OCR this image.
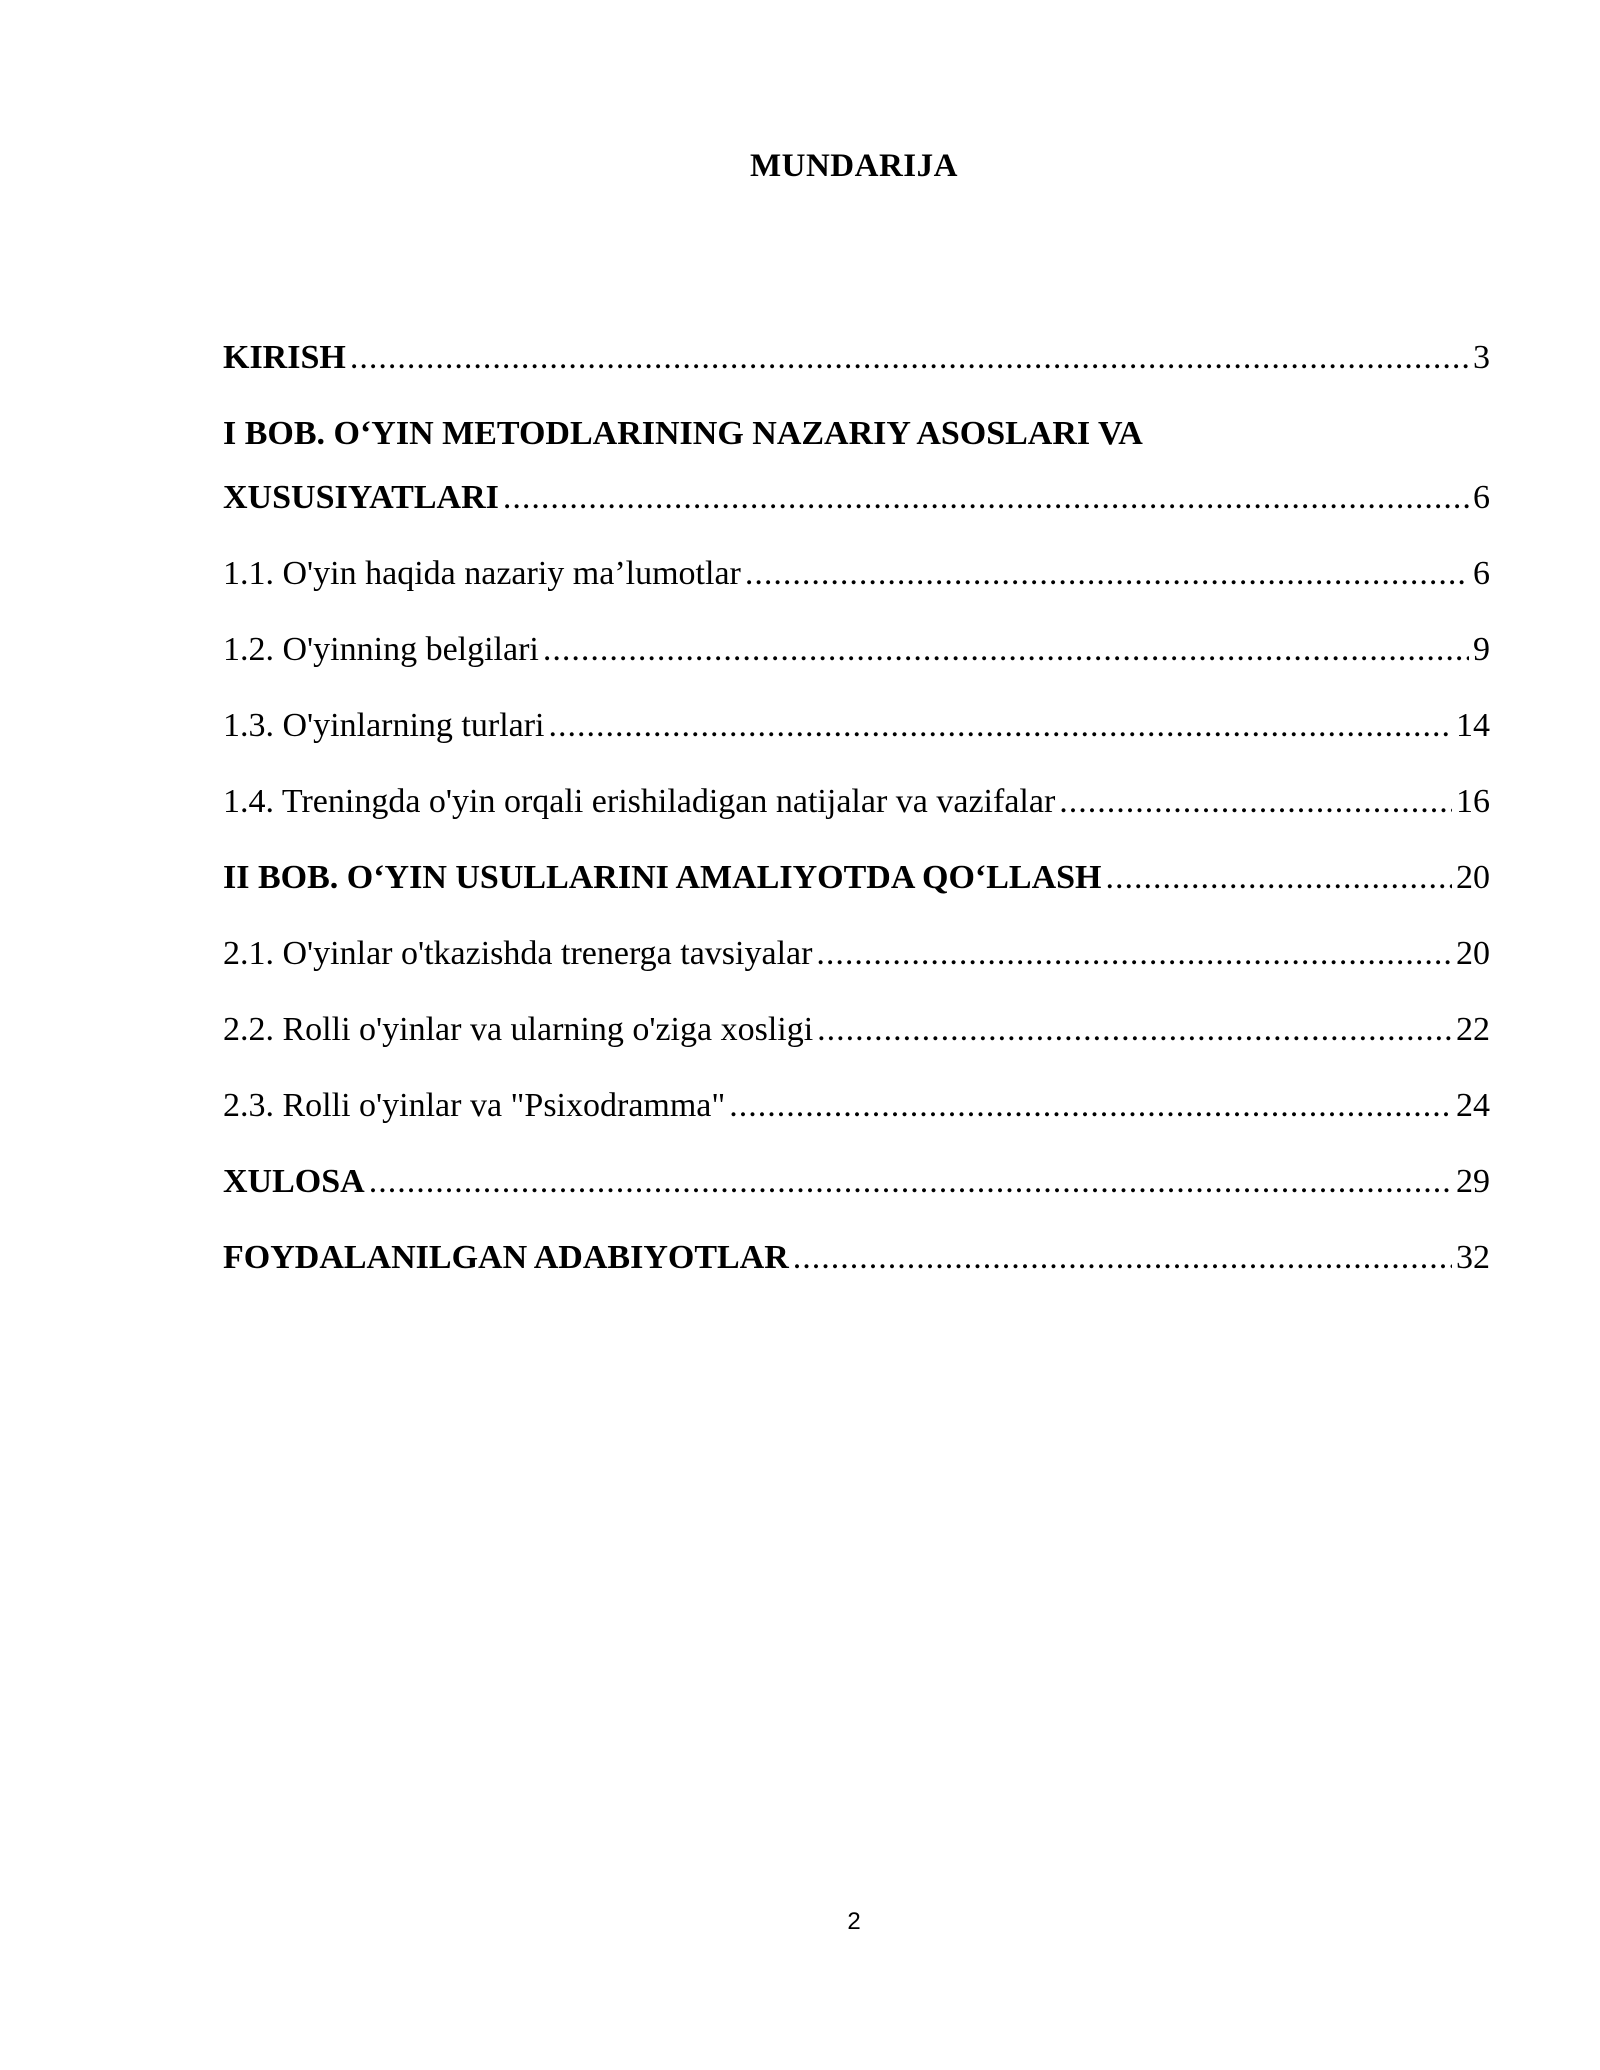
MUNDARIJA
KIRISH .....	3
I BOB. O‘YIN METODLARINING NAZARIY ASOSLARI VA
XUSUSIYATLARI .....	6
1.1. O'yin haqida nazariy ma’lumotlar .....	6
1.2. O'yinning belgilari .....	9
1.3. O'yinlarning turlari .....	14
1.4. Treningda o'yin orqali erishiladigan natijalar va vazifalar .....	16
II BOB. O‘YIN USULLARINI AMALIYOTDA QO‘LLASH .....	20
2.1. O'yinlar o'tkazishda trenerga tavsiyalar .....	20
2.2. Rolli o'yinlar va ularning o'ziga xosligi .....	22
2.3. Rolli o'yinlar va "Psixodramma" .....	24
XULOSA .....	29
FOYDALANILGAN ADABIYOTLAR .....	32
2
